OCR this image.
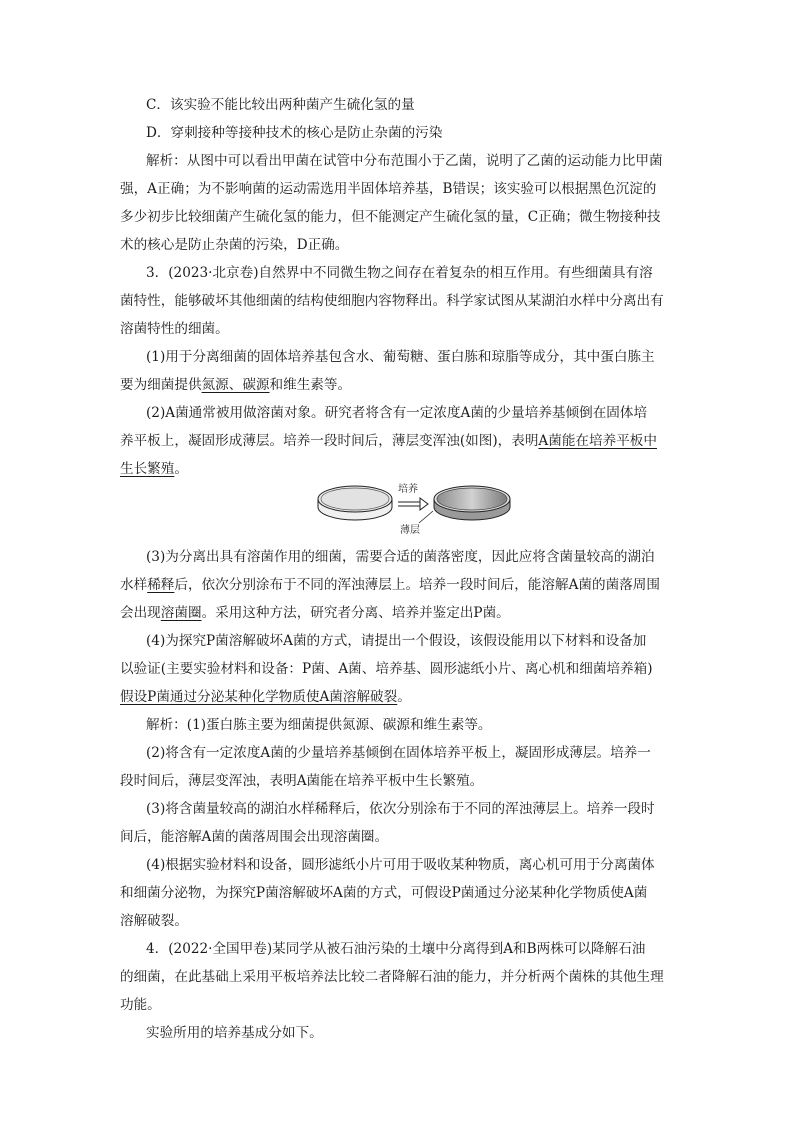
C．该实验不能比较出两种菌产生硫化氢的量
D．穿刺接种等接种技术的核心是防止杂菌的污染
解析：从图中可以看出甲菌在试管中分布范围小于乙菌，说明了乙菌的运动能力比甲菌
强，A正确；为不影响菌的运动需选用半固体培养基，B错误；该实验可以根据黑色沉淀的
多少初步比较细菌产生硫化氢的能力，但不能测定产生硫化氢的量，C正确；微生物接种技
术的核心是防止杂菌的污染，D正确。
3．(2023·北京卷)自然界中不同微生物之间存在着复杂的相互作用。有些细菌具有溶
菌特性，能够破坏其他细菌的结构使细胞内容物释出。科学家试图从某湖泊水样中分离出有
溶菌特性的细菌。
(1)用于分离细菌的固体培养基包含水、葡萄糖、蛋白胨和琼脂等成分，其中蛋白胨主
要为细菌提供氮源、碳源和维生素等。
(2)A菌通常被用做溶菌对象。研究者将含有一定浓度A菌的少量培养基倾倒在固体培
养平板上，凝固形成薄层。培养一段时间后，薄层变浑浊(如图)，表明A菌能在培养平板中
生长繁殖。
培养
薄层
(3)为分离出具有溶菌作用的细菌，需要合适的菌落密度，因此应将含菌量较高的湖泊
水样稀释后，依次分别涂布于不同的浑浊薄层上。培养一段时间后，能溶解A菌的菌落周围
会出现溶菌圈。采用这种方法，研究者分离、培养并鉴定出P菌。
(4)为探究P菌溶解破坏A菌的方式，请提出一个假设，该假设能用以下材料和设备加
以验证(主要实验材料和设备：P菌、A菌、培养基、圆形滤纸小片、离心机和细菌培养箱)
假设P菌通过分泌某种化学物质使A菌溶解破裂。
解析：(1)蛋白胨主要为细菌提供氮源、碳源和维生素等。
(2)将含有一定浓度A菌的少量培养基倾倒在固体培养平板上，凝固形成薄层。培养一
段时间后，薄层变浑浊，表明A菌能在培养平板中生长繁殖。
(3)将含菌量较高的湖泊水样稀释后，依次分别涂布于不同的浑浊薄层上。培养一段时
间后，能溶解A菌的菌落周围会出现溶菌圈。
(4)根据实验材料和设备，圆形滤纸小片可用于吸收某种物质，离心机可用于分离菌体
和细菌分泌物，为探究P菌溶解破坏A菌的方式，可假设P菌通过分泌某种化学物质使A菌
溶解破裂。
4．(2022·全国甲卷)某同学从被石油污染的土壤中分离得到A和B两株可以降解石油
的细菌，在此基础上采用平板培养法比较二者降解石油的能力，并分析两个菌株的其他生理
功能。
实验所用的培养基成分如下。
